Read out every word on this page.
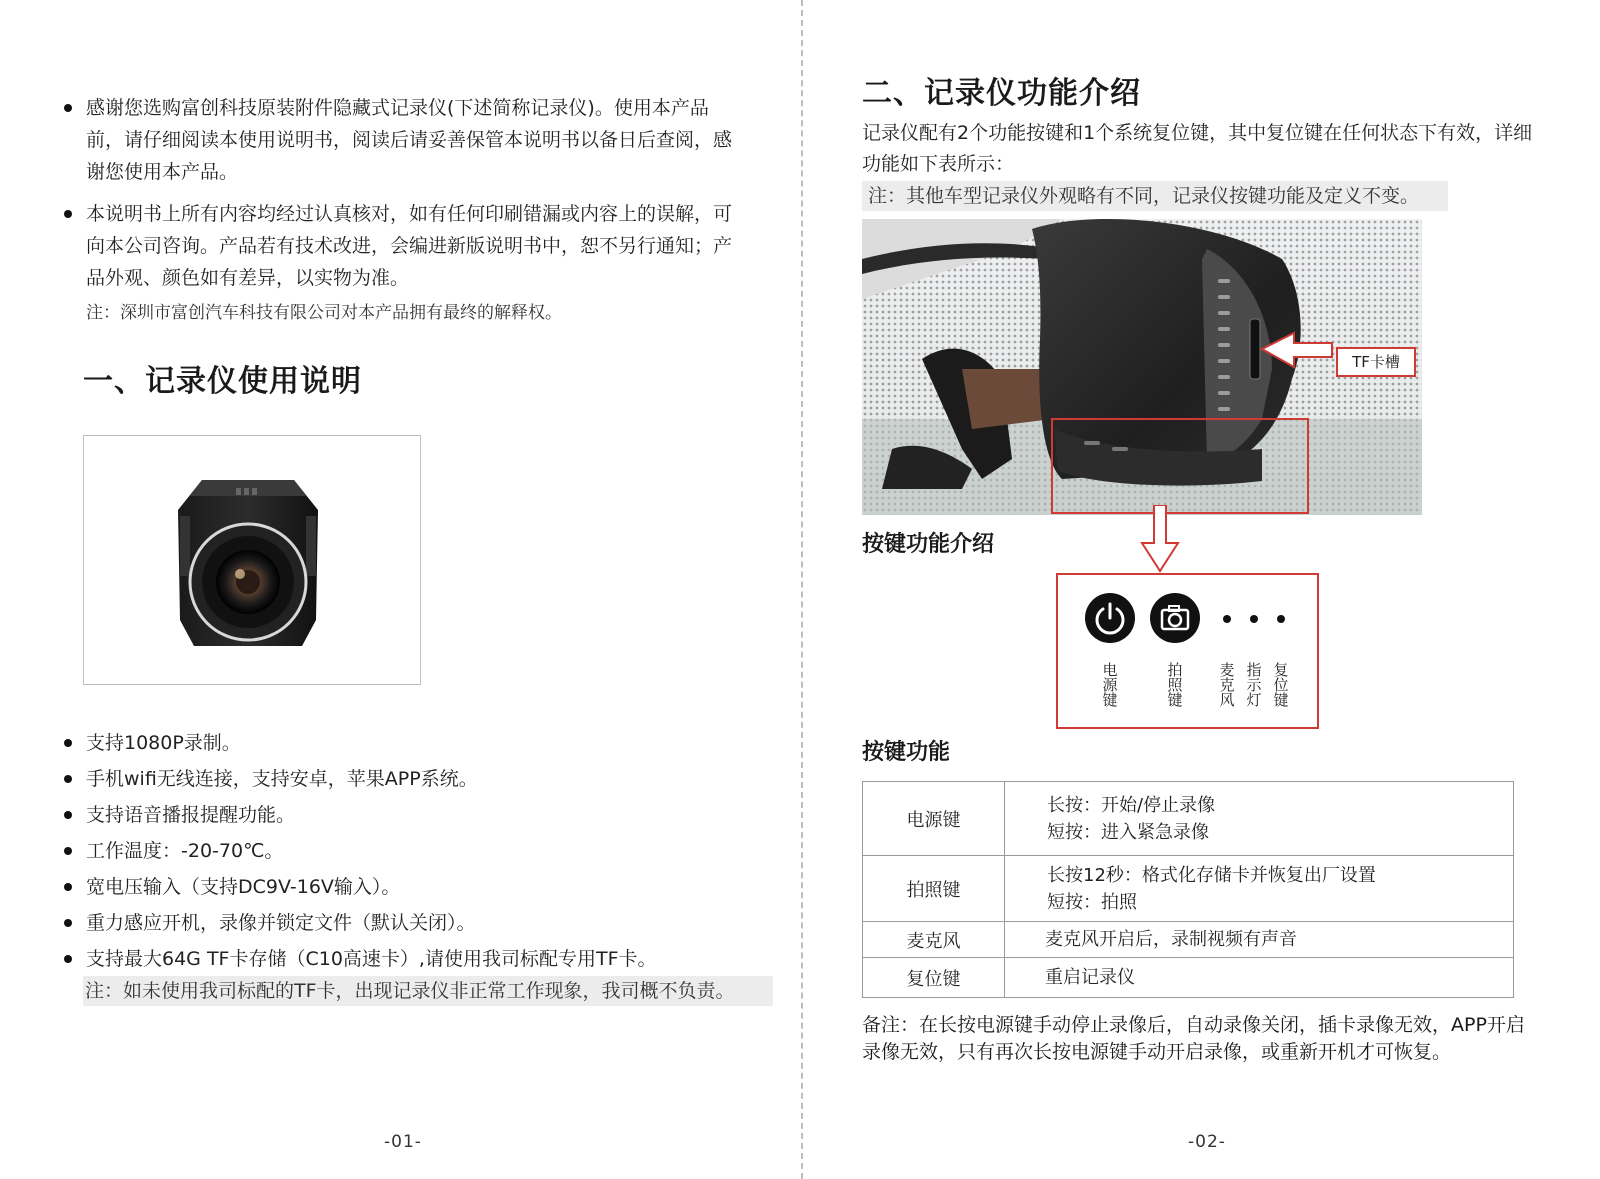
感谢您选购富创科技原装附件隐藏式记录仪(下述简称记录仪)。使用本产品前，请仔细阅读本使用说明书，阅读后请妥善保管本说明书以备日后查阅，感谢您使用本产品。
本说明书上所有内容均经过认真核对，如有任何印刷错漏或内容上的误解，可向本公司咨询。产品若有技术改进，会编进新版说明书中，恕不另行通知；产品外观、颜色如有差异，以实物为准。
注：深圳市富创汽车科技有限公司对本产品拥有最终的解释权。
一、记录仪使用说明
支持1080P录制。
手机wifi无线连接，支持安卓，苹果APP系统。
支持语音播报提醒功能。
工作温度：-20-70℃。
宽电压输入（支持DC9V-16V输入）。
重力感应开机，录像并锁定文件（默认关闭）。
支持最大64G TF卡存储（C10高速卡）,请使用我司标配专用TF卡。
注：如未使用我司标配的TF卡，出现记录仪非正常工作现象，我司概不负责。
-01-
二、记录仪功能介绍
记录仪配有2个功能按键和1个系统复位键，其中复位键在任何状态下有效，详细功能如下表所示：
注：其他车型记录仪外观略有不同，记录仪按键功能及定义不变。
TF卡槽
按键功能介绍
电源键
拍照键
麦克风
指示灯
复位键
按键功能
电源键	长按：开始/停止录像
短按：进入紧急录像

拍照键	长按12秒：格式化存储卡并恢复出厂设置
短按：拍照

麦克风	麦克风开启后，录制视频有声音

复位键	重启记录仪
备注：在长按电源键手动停止录像后，自动录像关闭，插卡录像无效，APP开启录像无效，只有再次长按电源键手动开启录像，或重新开机才可恢复。
-02-
